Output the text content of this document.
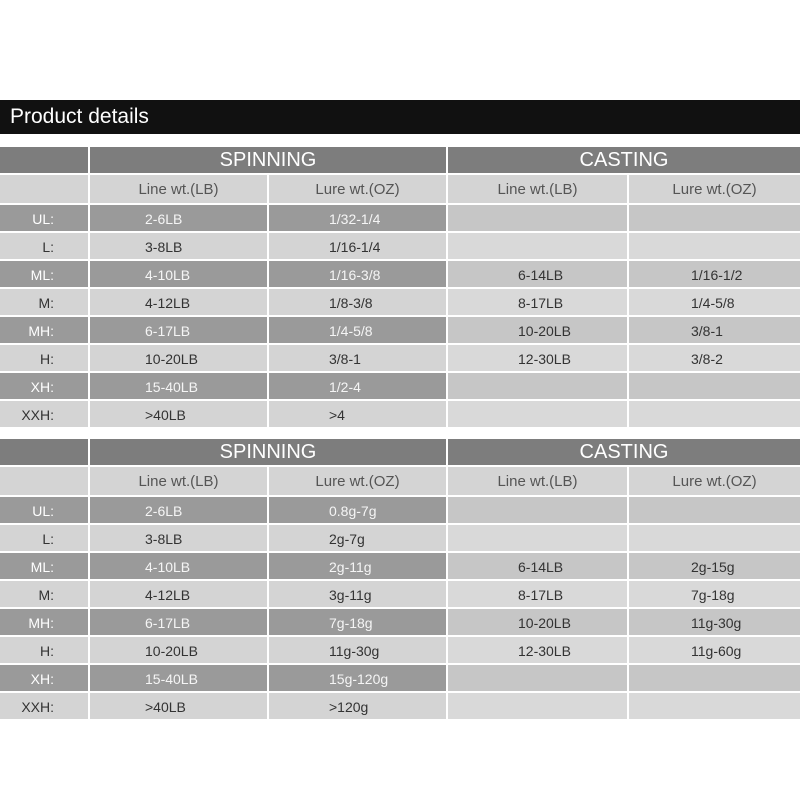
Product details
SPINNING	CASTING
Line wt.(LB)	Lure wt.(OZ)	Line wt.(LB)	Lure wt.(OZ)
UL:	2-6LB	1/32-1/4
L:	3-8LB	1/16-1/4
ML:	4-10LB	1/16-3/8	6-14LB	1/16-1/2
M:	4-12LB	1/8-3/8	8-17LB	1/4-5/8
MH:	6-17LB	1/4-5/8	10-20LB	3/8-1
H:	10-20LB	3/8-1	12-30LB	3/8-2
XH:	15-40LB	1/2-4
XXH:	>40LB	>4
SPINNING	CASTING
Line wt.(LB)	Lure wt.(OZ)	Line wt.(LB)	Lure wt.(OZ)
UL:	2-6LB	0.8g-7g
L:	3-8LB	2g-7g
ML:	4-10LB	2g-11g	6-14LB	2g-15g
M:	4-12LB	3g-11g	8-17LB	7g-18g
MH:	6-17LB	7g-18g	10-20LB	11g-30g
H:	10-20LB	11g-30g	12-30LB	11g-60g
XH:	15-40LB	15g-120g
XXH:	>40LB	>120g
